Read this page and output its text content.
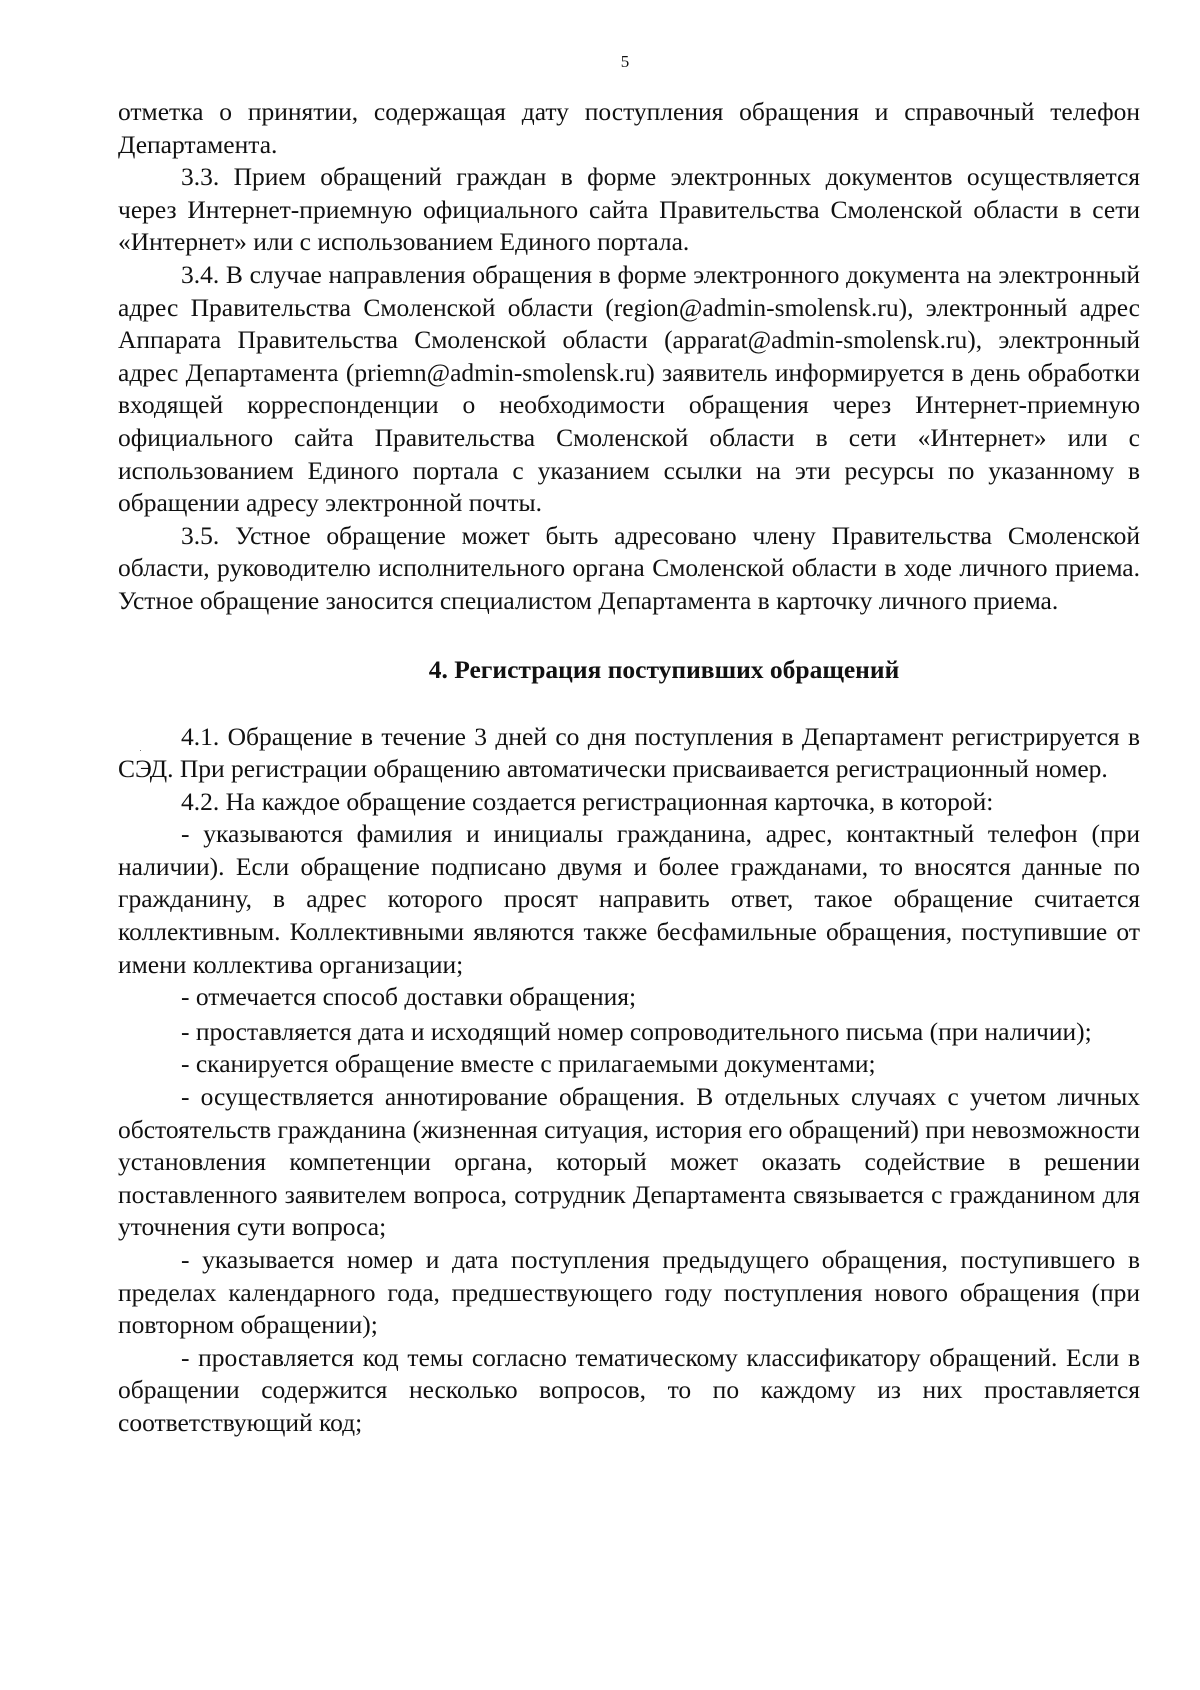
5

отметка о принятии, содержащая дату поступления обращения и справочный телефон Департамента.

3.3. Прием обращений граждан в форме электронных документов осуществляется через Интернет-приемную официального сайта Правительства Смоленской области в сети «Интернет» или с использованием Единого портала.

3.4. В случае направления обращения в форме электронного документа на электронный адрес Правительства Смоленской области (region@admin-smolensk.ru), электронный адрес Аппарата Правительства Смоленской области (apparat@admin-smolensk.ru), электронный адрес Департамента (priemn@admin-smolensk.ru) заявитель информируется в день обработки входящей корреспонденции о необходимости обращения через Интернет-приемную официального сайта Правительства Смоленской области в сети «Интернет» или с использованием Единого портала с указанием ссылки на эти ресурсы по указанному в обращении адресу электронной почты.

3.5. Устное обращение может быть адресовано члену Правительства Смоленской области, руководителю исполнительного органа Смоленской области в ходе личного приема. Устное обращение заносится специалистом Департамента в карточку личного приема.

4. Регистрация поступивших обращений

4.1. Обращение в течение 3 дней со дня поступления в Департамент регистрируется в СЭД. При регистрации обращению автоматически присваивается регистрационный номер.

4.2. На каждое обращение создается регистрационная карточка, в которой:

- указываются фамилия и инициалы гражданина, адрес, контактный телефон (при наличии). Если обращение подписано двумя и более гражданами, то вносятся данные по гражданину, в адрес которого просят направить ответ, такое обращение считается коллективным. Коллективными являются также бесфамильные обращения, поступившие от имени коллектива организации;

- отмечается способ доставки обращения;

- проставляется дата и исходящий номер сопроводительного письма (при наличии);

- сканируется обращение вместе с прилагаемыми документами;

- осуществляется аннотирование обращения. В отдельных случаях с учетом личных обстоятельств гражданина (жизненная ситуация, история его обращений) при невозможности установления компетенции органа, который может оказать содействие в решении поставленного заявителем вопроса, сотрудник Департамента связывается с гражданином для уточнения сути вопроса;

- указывается номер и дата поступления предыдущего обращения, поступившего в пределах календарного года, предшествующего году поступления нового обращения (при повторном обращении);

- проставляется код темы согласно тематическому классификатору обращений. Если в обращении содержится несколько вопросов, то по каждому из них проставляется соответствующий код;
